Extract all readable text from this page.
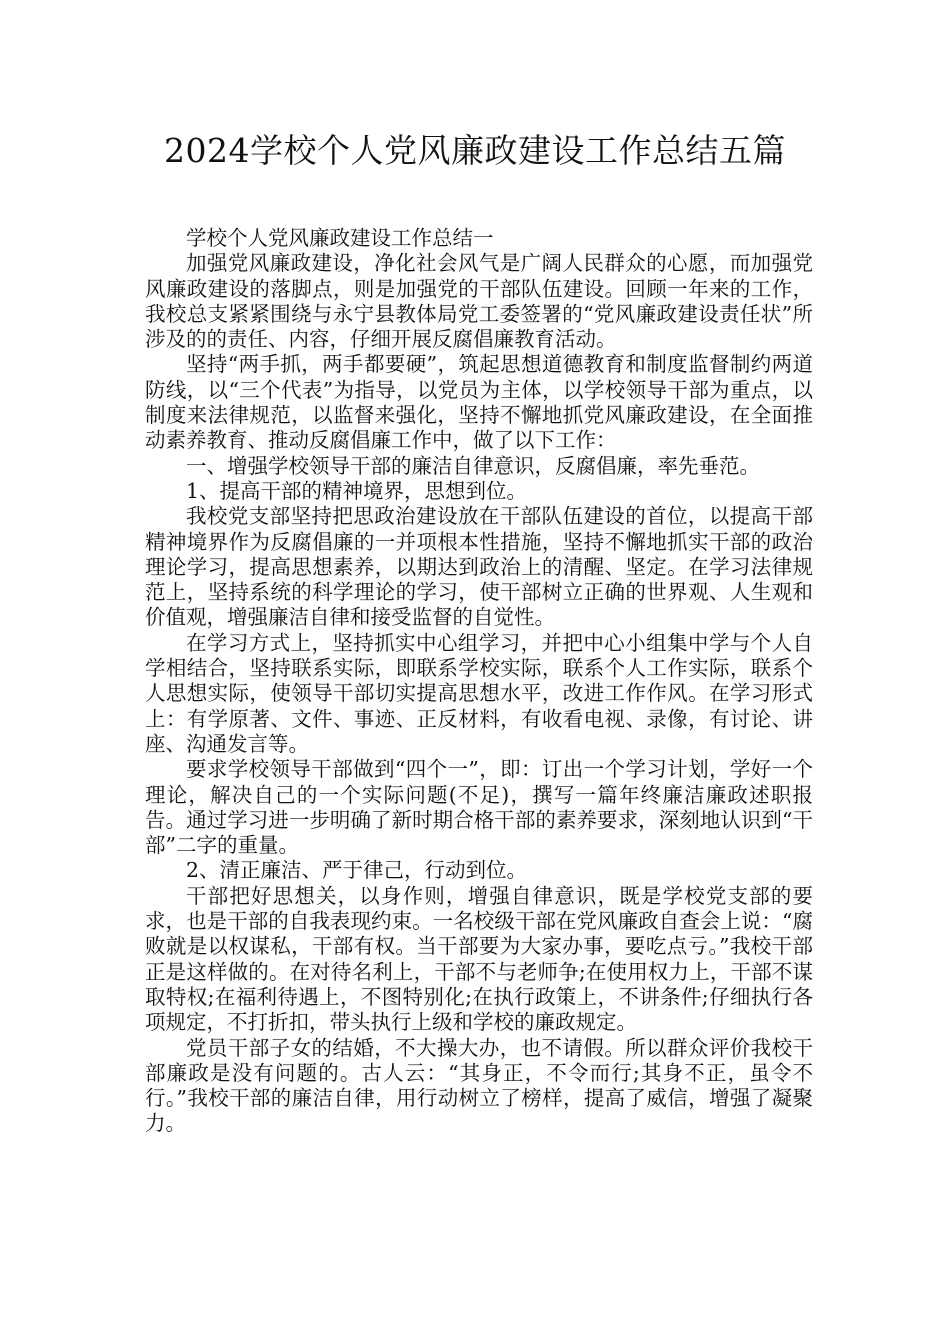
2024学校个人党风廉政建设工作总结五篇

学校个人党风廉政建设工作总结一

加强党风廉政建设，净化社会风气是广阔人民群众的心愿，而加强党风廉政建设的落脚点，则是加强党的干部队伍建设。回顾一年来的工作，我校总支紧紧围绕与永宁县教体局党工委签署的“党风廉政建设责任状”所涉及的的责任、内容，仔细开展反腐倡廉教育活动。

坚持“两手抓，两手都要硬”，筑起思想道德教育和制度监督制约两道防线，以“三个代表”为指导，以党员为主体，以学校领导干部为重点，以制度来法律规范，以监督来强化，坚持不懈地抓党风廉政建设，在全面推动素养教育、推动反腐倡廉工作中，做了以下工作：

一、增强学校领导干部的廉洁自律意识，反腐倡廉，率先垂范。

1、提高干部的精神境界，思想到位。

我校党支部坚持把思政治建设放在干部队伍建设的首位，以提高干部精神境界作为反腐倡廉的一并项根本性措施，坚持不懈地抓实干部的政治理论学习，提高思想素养，以期达到政治上的清醒、坚定。在学习法律规范上，坚持系统的科学理论的学习，使干部树立正确的世界观、人生观和价值观，增强廉洁自律和接受监督的自觉性。

在学习方式上，坚持抓实中心组学习，并把中心小组集中学与个人自学相结合，坚持联系实际，即联系学校实际，联系个人工作实际，联系个人思想实际，使领导干部切实提高思想水平，改进工作作风。在学习形式上：有学原著、文件、事迹、正反材料，有收看电视、录像，有讨论、讲座、沟通发言等。

要求学校领导干部做到“四个一”，即：订出一个学习计划，学好一个理论，解决自己的一个实际问题(不足)，撰写一篇年终廉洁廉政述职报告。通过学习进一步明确了新时期合格干部的素养要求，深刻地认识到“干部”二字的重量。

2、清正廉洁、严于律己，行动到位。

干部把好思想关，以身作则，增强自律意识，既是学校党支部的要求，也是干部的自我表现约束。一名校级干部在党风廉政自查会上说：“腐败就是以权谋私，干部有权。当干部要为大家办事，要吃点亏。”我校干部正是这样做的。在对待名利上，干部不与老师争;在使用权力上，干部不谋取特权;在福利待遇上，不图特别化;在执行政策上，不讲条件;仔细执行各项规定，不打折扣，带头执行上级和学校的廉政规定。

党员干部子女的结婚，不大操大办，也不请假。所以群众评价我校干部廉政是没有问题的。古人云：“其身正，不令而行;其身不正，虽令不行。”我校干部的廉洁自律，用行动树立了榜样，提高了威信，增强了凝聚力。
